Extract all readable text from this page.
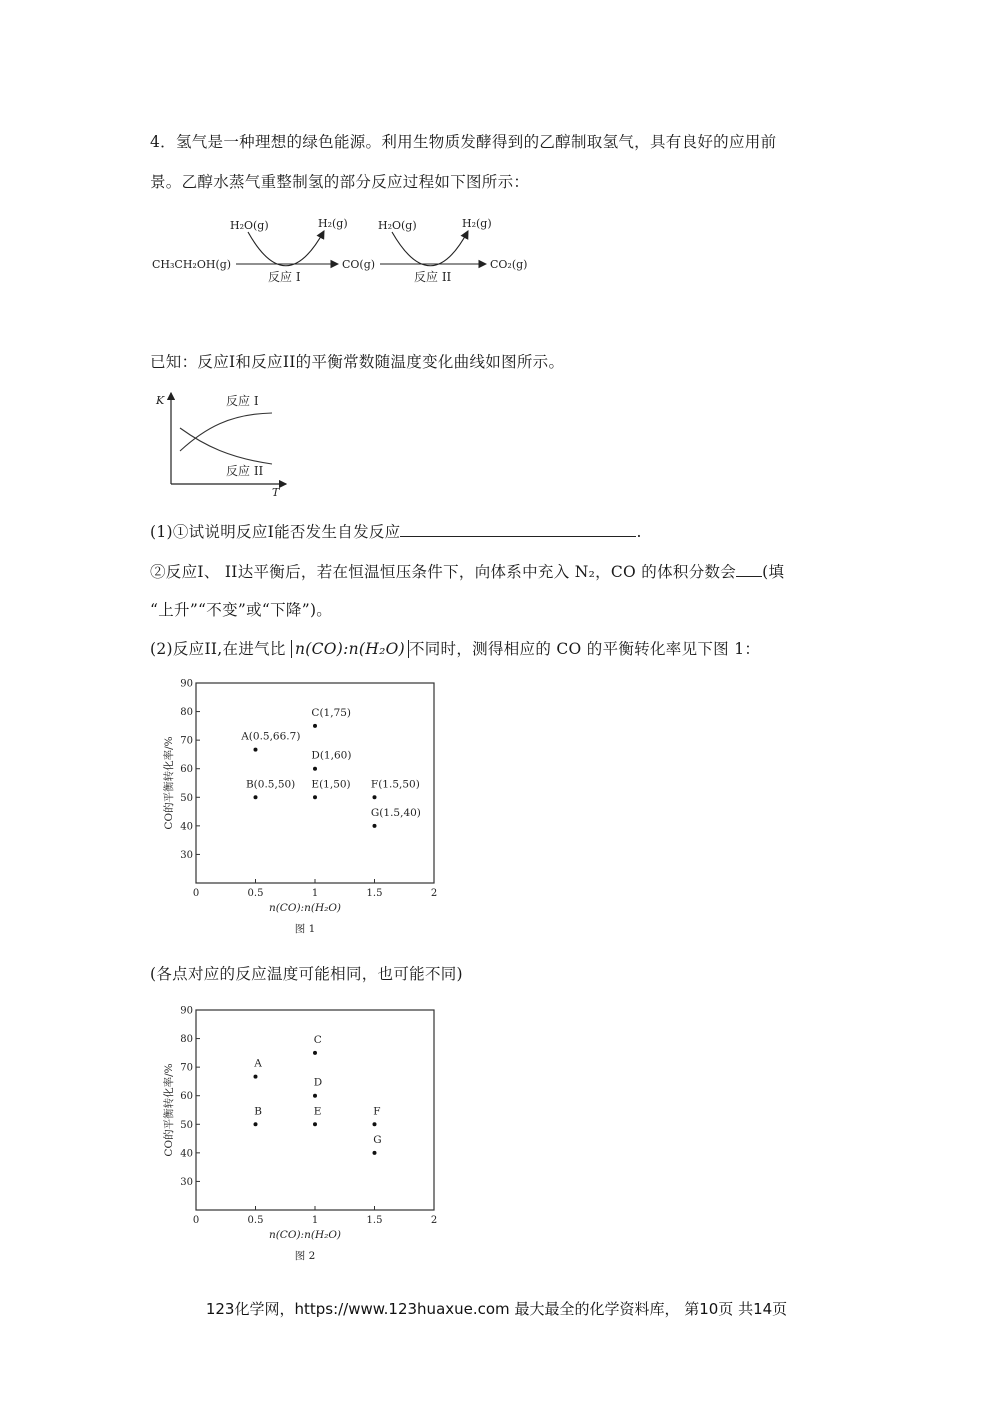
4．氢气是一种理想的绿色能源。利用生物质发酵得到的乙醇制取氢气，具有良好的应用前
景。乙醇水蒸气重整制氢的部分反应过程如下图所示：
CH₃CH₂OH(g)
H₂O(g)	H₂(g)
反应 I
CO(g)
H₂O(g)	H₂(g)
反应 II
CO₂(g)
已知：反应I和反应II的平衡常数随温度变化曲线如图所示。
K
T
反应 I
反应 II
(1)①试说明反应I能否发生自发反应	.
②反应I、 II达平衡后，若在恒温恒压条件下，向体系中充入 N₂，CO 的体积分数会 (填
“上升”“不变”或“下降”)。
(2)反应II,在进气比 n(CO):n(H₂O) 不同时，测得相应的 CO 的平衡转化率见下图 1：
30
40
50
60
70
80
90
0	0.5	1	1.5	2
n(CO):n(H₂O)
CO的平衡转化率/%
图 1
A(0.5,66.7)
B(0.5,50)
C(1,75)
D(1,60)
E(1,50) F(1.5,50)
G(1.5,40)
(各点对应的反应温度可能相同，也可能不同)
30
40
50
60
70
80
90
0	0.5	1	1.5	2
n(CO):n(H₂O)
CO的平衡转化率/%
图 2
A
B
C
D
E	F
G
123化学网，https://www.123huaxue.com 最大最全的化学资料库， 第10页 共14页
